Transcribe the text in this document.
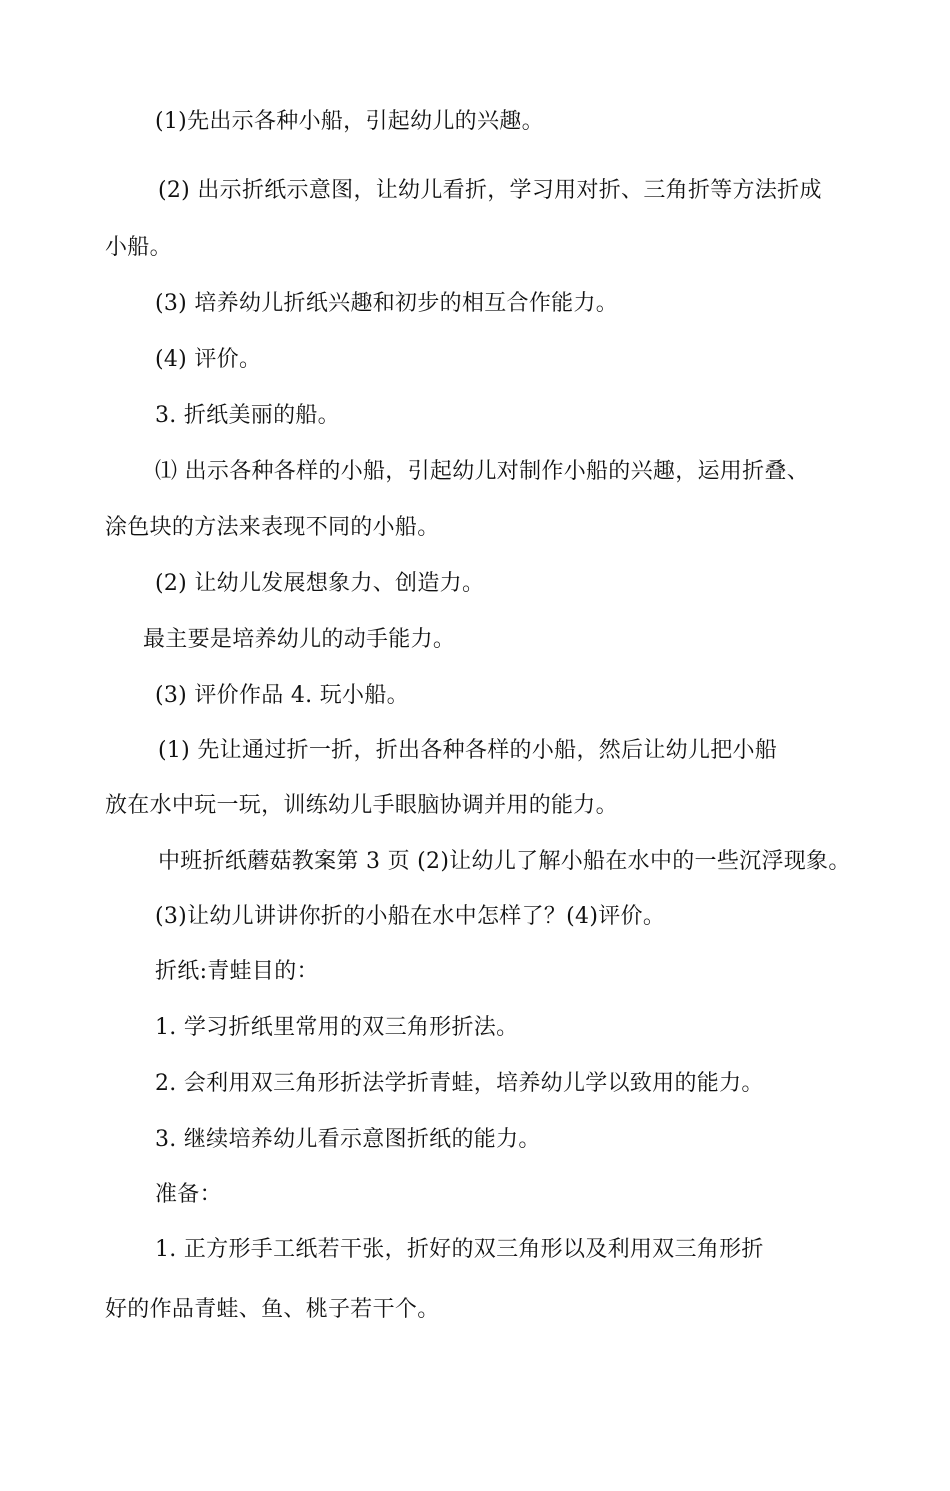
(1)先出示各种小船，引起幼儿的兴趣。
(2) 出示折纸示意图，让幼儿看折，学习用对折、三角折等方法折成
小船。
(3) 培养幼儿折纸兴趣和初步的相互合作能力。
(4) 评价。
3. 折纸美丽的船。
⑴ 出示各种各样的小船，引起幼儿对制作小船的兴趣，运用折叠、
涂色块的方法来表现不同的小船。
(2) 让幼儿发展想象力、创造力。
最主要是培养幼儿的动手能力。
(3) 评价作品 4. 玩小船。
(1) 先让通过折一折，折出各种各样的小船，然后让幼儿把小船
放在水中玩一玩，训练幼儿手眼脑协调并用的能力。
中班折纸蘑菇教案第 3 页 (2)让幼儿了解小船在水中的一些沉浮现象。
(3)让幼儿讲讲你折的小船在水中怎样了？(4)评价。
折纸:青蛙目的：
1. 学习折纸里常用的双三角形折法。
2. 会利用双三角形折法学折青蛙，培养幼儿学以致用的能力。
3. 继续培养幼儿看示意图折纸的能力。
准备：
1. 正方形手工纸若干张，折好的双三角形以及利用双三角形折
好的作品青蛙、鱼、桃子若干个。
